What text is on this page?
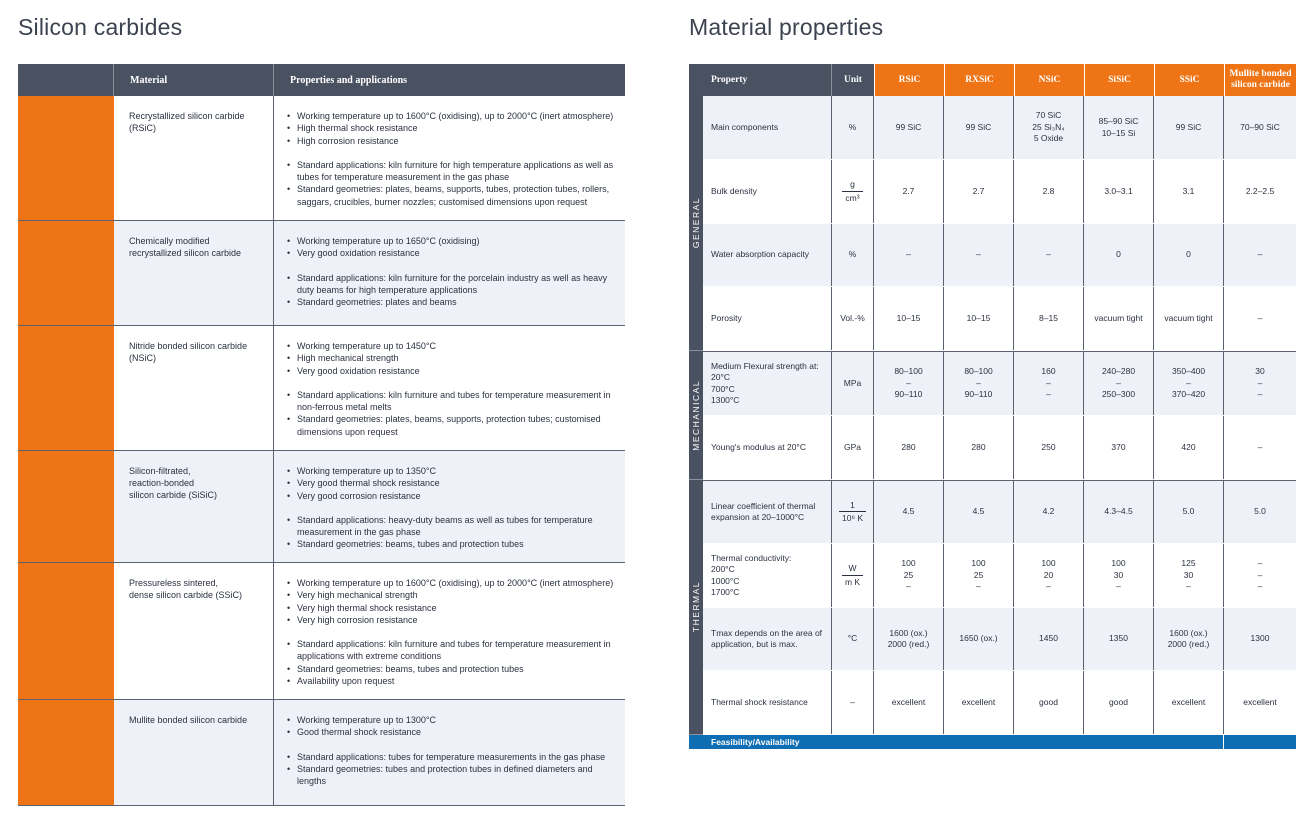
Silicon carbides	Material properties
Material	Properties and applications
Recrystallized silicon carbide
(RSiC)
• Working temperature up to 1600°C (oxidising), up to 2000°C (inert atmosphere)
• High thermal shock resistance
• High corrosion resistance
• Standard applications: kiln furniture for high temperature applications as well as tubes for temperature measurement in the gas phase
• Standard geometries: plates, beams, supports, tubes, protection tubes, rollers, saggars, crucibles, burner nozzles; customised dimensions upon request
Chemically modified
recrystallized silicon carbide
• Working temperature up to 1650°C (oxidising)
• Very good oxidation resistance
• Standard applications: kiln furniture for the porcelain industry as well as heavy duty beams for high temperature applications
• Standard geometries: plates and beams
Nitride bonded silicon carbide
(NSiC)
• Working temperature up to 1450°C
• High mechanical strength
• Very good oxidation resistance
• Standard applications: kiln furniture and tubes for temperature measurement in non-ferrous metal melts
• Standard geometries: plates, beams, supports, protection tubes; customised dimensions upon request
Silicon-filtrated,
reaction-bonded
silicon carbide (SiSiC)
• Working temperature up to 1350°C
• Very good thermal shock resistance
• Very good corrosion resistance
• Standard applications: heavy-duty beams as well as tubes for temperature measurement in the gas phase
• Standard geometries: beams, tubes and protection tubes
Pressureless sintered,
dense silicon carbide (SSiC)
• Working temperature up to 1600°C (oxidising), up to 2000°C (inert atmosphere)
• Very high mechanical strength
• Very high thermal shock resistance
• Very high corrosion resistance
• Standard applications: kiln furniture and tubes for temperature measurement in applications with extreme conditions
• Standard geometries: beams, tubes and protection tubes
• Availability upon request
Mullite bonded silicon carbide
•	Working temperature up to 1300°C
• Good thermal shock resistance
• Standard applications: tubes for temperature measurements in the gas phase
• Standard geometries: tubes and protection tubes in defined diameters and lengths
Property	Unit	RSiC	RXSiC	NSiC	SiSiC	SSiC
Mullite bonded silicon carbide
GENERAL
MECHANICAL
THERMAL
Main components	%	99 SiC	99 SiC
70 SiC
25 Si₃N₄
5 Oxide
85–90 SiC
10–15 Si
99 SiC	70–90 SiC
Bulk density	$\frac{g}{\text{cm³}}$	2.7	2.7	2.8	3.0–3.1	3.1	2.2–2.5
Water absorption capacity	%	–	–	–	0	0	–
Porosity	Vol.-%	10–15	10–15	8–15	vacuum tight	vacuum tight	–
Medium Flexural strength at:
20°C
700°C
1300°C
MPa
80–100
–
90–110
80–100
–
90–110
160
–
–
240–280
–
250–300
350–400
–
370–420
30
–
–
Young's modulus at 20°C	GPa	280	280	250	370	420	–
Linear coefficient of thermal expansion at 20–1000°C	$\frac{1}{\text{10⁶ K}}$	4.5	4.5	4.2	4.3–4.5	5.0	5.0
Thermal conductivity:
200°C
1000°C
1700°C
$\frac{W}{\text{m K}}$	100
25
–
100
25
–
100
20
–
100
30
–
125
30
–
–
–
–
Tmax depends on the area of application, but is max.
°C
1600 (ox.)
2000 (red.)
1650 (ox.)	1450	1350
1600 (ox.)
2000 (red.)
1300
Thermal shock resistance	–	excellent	excellent	good	good	excellent	excellent
Feasibility/Availability
